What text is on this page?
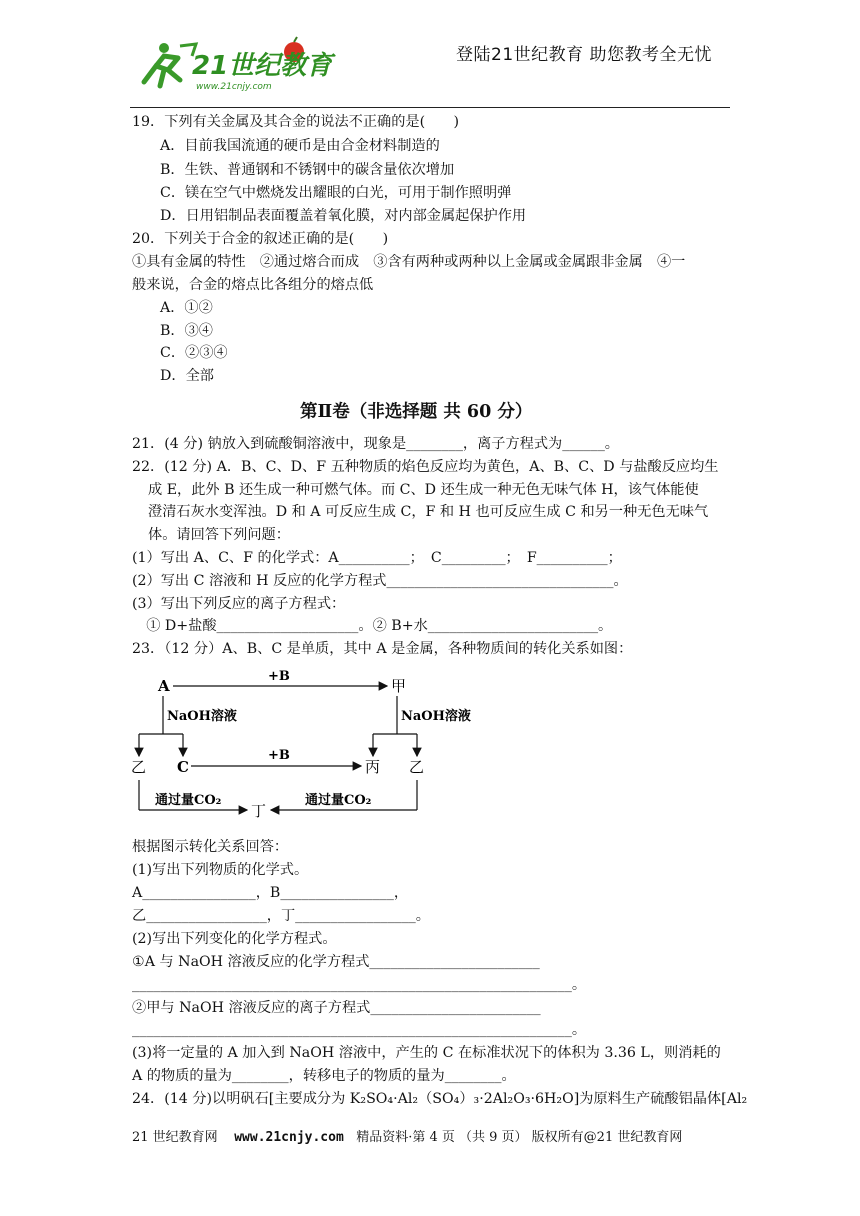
21世纪教育
www.21cnjy.com
登陆21世纪教育 助您教考全无忧
19．下列有关金属及其合金的说法不正确的是(　　)
A．目前我国流通的硬币是由合金材料制造的
B．生铁、普通钢和不锈钢中的碳含量依次增加
C．镁在空气中燃烧发出耀眼的白光，可用于制作照明弹
D．日用铝制品表面覆盖着氧化膜，对内部金属起保护作用
20．下列关于合金的叙述正确的是(　　)
①具有金属的特性　②通过熔合而成　③含有两种或两种以上金属或金属跟非金属　④一
般来说，合金的熔点比各组分的熔点低
A．①②
B．③④
C．②③④
D．全部
第Ⅱ卷（非选择题 共 60 分）
21．(4 分) 钠放入到硫酸铜溶液中，现象是________，离子方程式为______。
22．(12 分) A．B、C、D、F 五种物质的焰色反应均为黄色，A、B、C、D 与盐酸反应均生
成 E，此外 B 还生成一种可燃气体。而 C、D 还生成一种无色无味气体 H，该气体能使
澄清石灰水变浑浊。D 和 A 可反应生成 C，F 和 H 也可反应生成 C 和另一种无色无味气
体。请回答下列问题：
(1）写出 A、C、F 的化学式：A__________；　C_________；　F__________；
(2）写出 C 溶液和 H 反应的化学方程式________________________________。
(3）写出下列反应的离子方程式：
　① D+盐酸____________________。② B+水________________________。
23．（12 分）A、B、C 是单质，其中 A 是金属，各种物质间的转化关系如图：
A
+B
甲
NaOH溶液	NaOH溶液
乙 C
+B
丙 乙
通过量CO₂
丁
通过量CO₂
根据图示转化关系回答：
(1)写出下列物质的化学式。
A________________，B________________，
乙_________________，丁_________________。
(2)写出下列变化的化学方程式。
①A 与 NaOH 溶液反应的化学方程式________________________
______________________________________________________________。
②甲与 NaOH 溶液反应的离子方程式________________________
______________________________________________________________。
(3)将一定量的 A 加入到 NaOH 溶液中，产生的 C 在标准状况下的体积为 3.36 L，则消耗的
A 的物质的量为________，转移电子的物质的量为________。
24．(14 分)以明矾石[主要成分为 K₂SO₄·Al₂（SO₄）₃·2Al₂O₃·6H₂O]为原料生产硫酸铝晶体[Al₂
21 世纪教育网 www.21cnjy.com 精品资料·第 4 页 （共 9 页） 版权所有@21 世纪教育网
